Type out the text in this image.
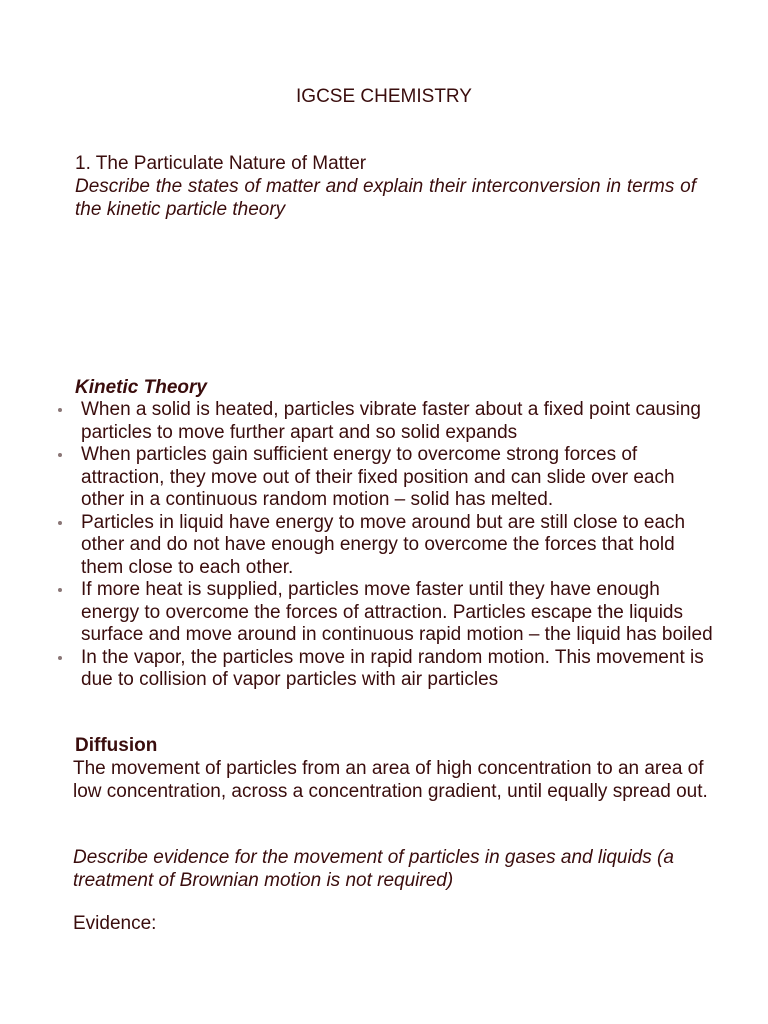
IGCSE CHEMISTRY
1. The Particulate Nature of Matter
Describe the states of matter and explain their interconversion in terms of the kinetic particle theory
Kinetic Theory
When a solid is heated, particles vibrate faster about a fixed point causing particles to move further apart and so solid expands
When particles gain sufficient energy to overcome strong forces of attraction, they move out of their fixed position and can slide over each other in a continuous random motion – solid has melted.
Particles in liquid have energy to move around but are still close to each other and do not have enough energy to overcome the forces that hold them close to each other.
If more heat is supplied, particles move faster until they have enough energy to overcome the forces of attraction. Particles escape the liquids surface and move around in continuous rapid motion – the liquid has boiled
In the vapor, the particles move in rapid random motion. This movement is due to collision of vapor particles with air particles
Diffusion
The movement of particles from an area of high concentration to an area of low concentration, across a concentration gradient, until equally spread out.
Describe evidence for the movement of particles in gases and liquids (a treatment of Brownian motion is not required)
Evidence:
